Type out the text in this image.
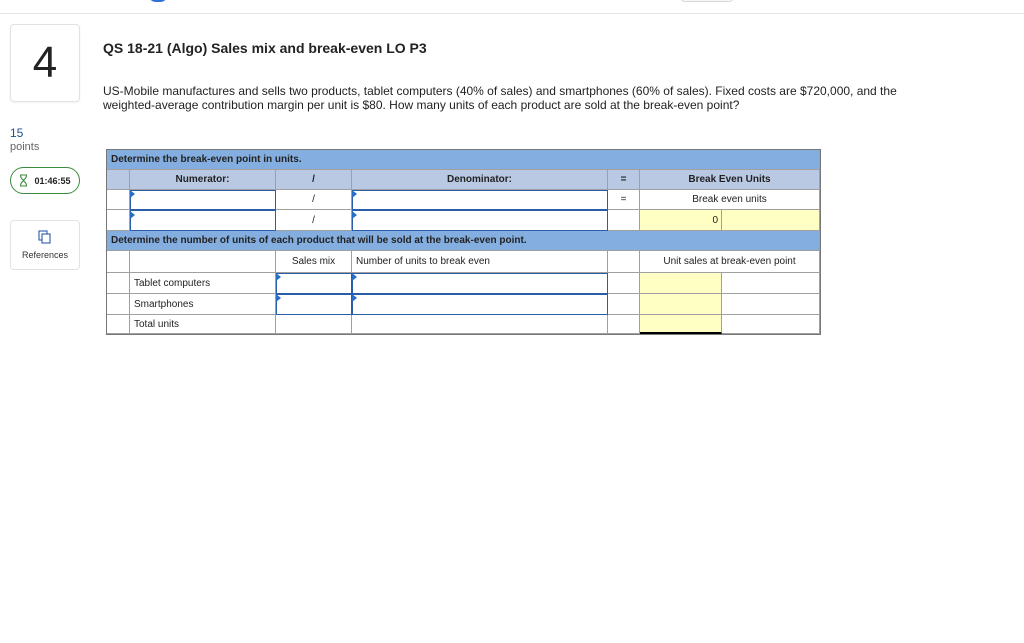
4
15
points
01:46:55
References
QS 18-21 (Algo) Sales mix and break-even LO P3
US-Mobile manufactures and sells two products, tablet computers (40% of sales) and smartphones (60% of sales). Fixed costs are $720,000, and the weighted-average contribution margin per unit is $80. How many units of each product are sold at the break-even point?
Determine the break-even point in units.
Numerator:	/	Denominator:	=	Break Even Units
/	=	Break even units
/	0
Determine the number of units of each product that will be sold at the break-even point.
Sales mix	Number of units to break even	Unit sales at break-even point
Tablet computers
Smartphones
Total units
